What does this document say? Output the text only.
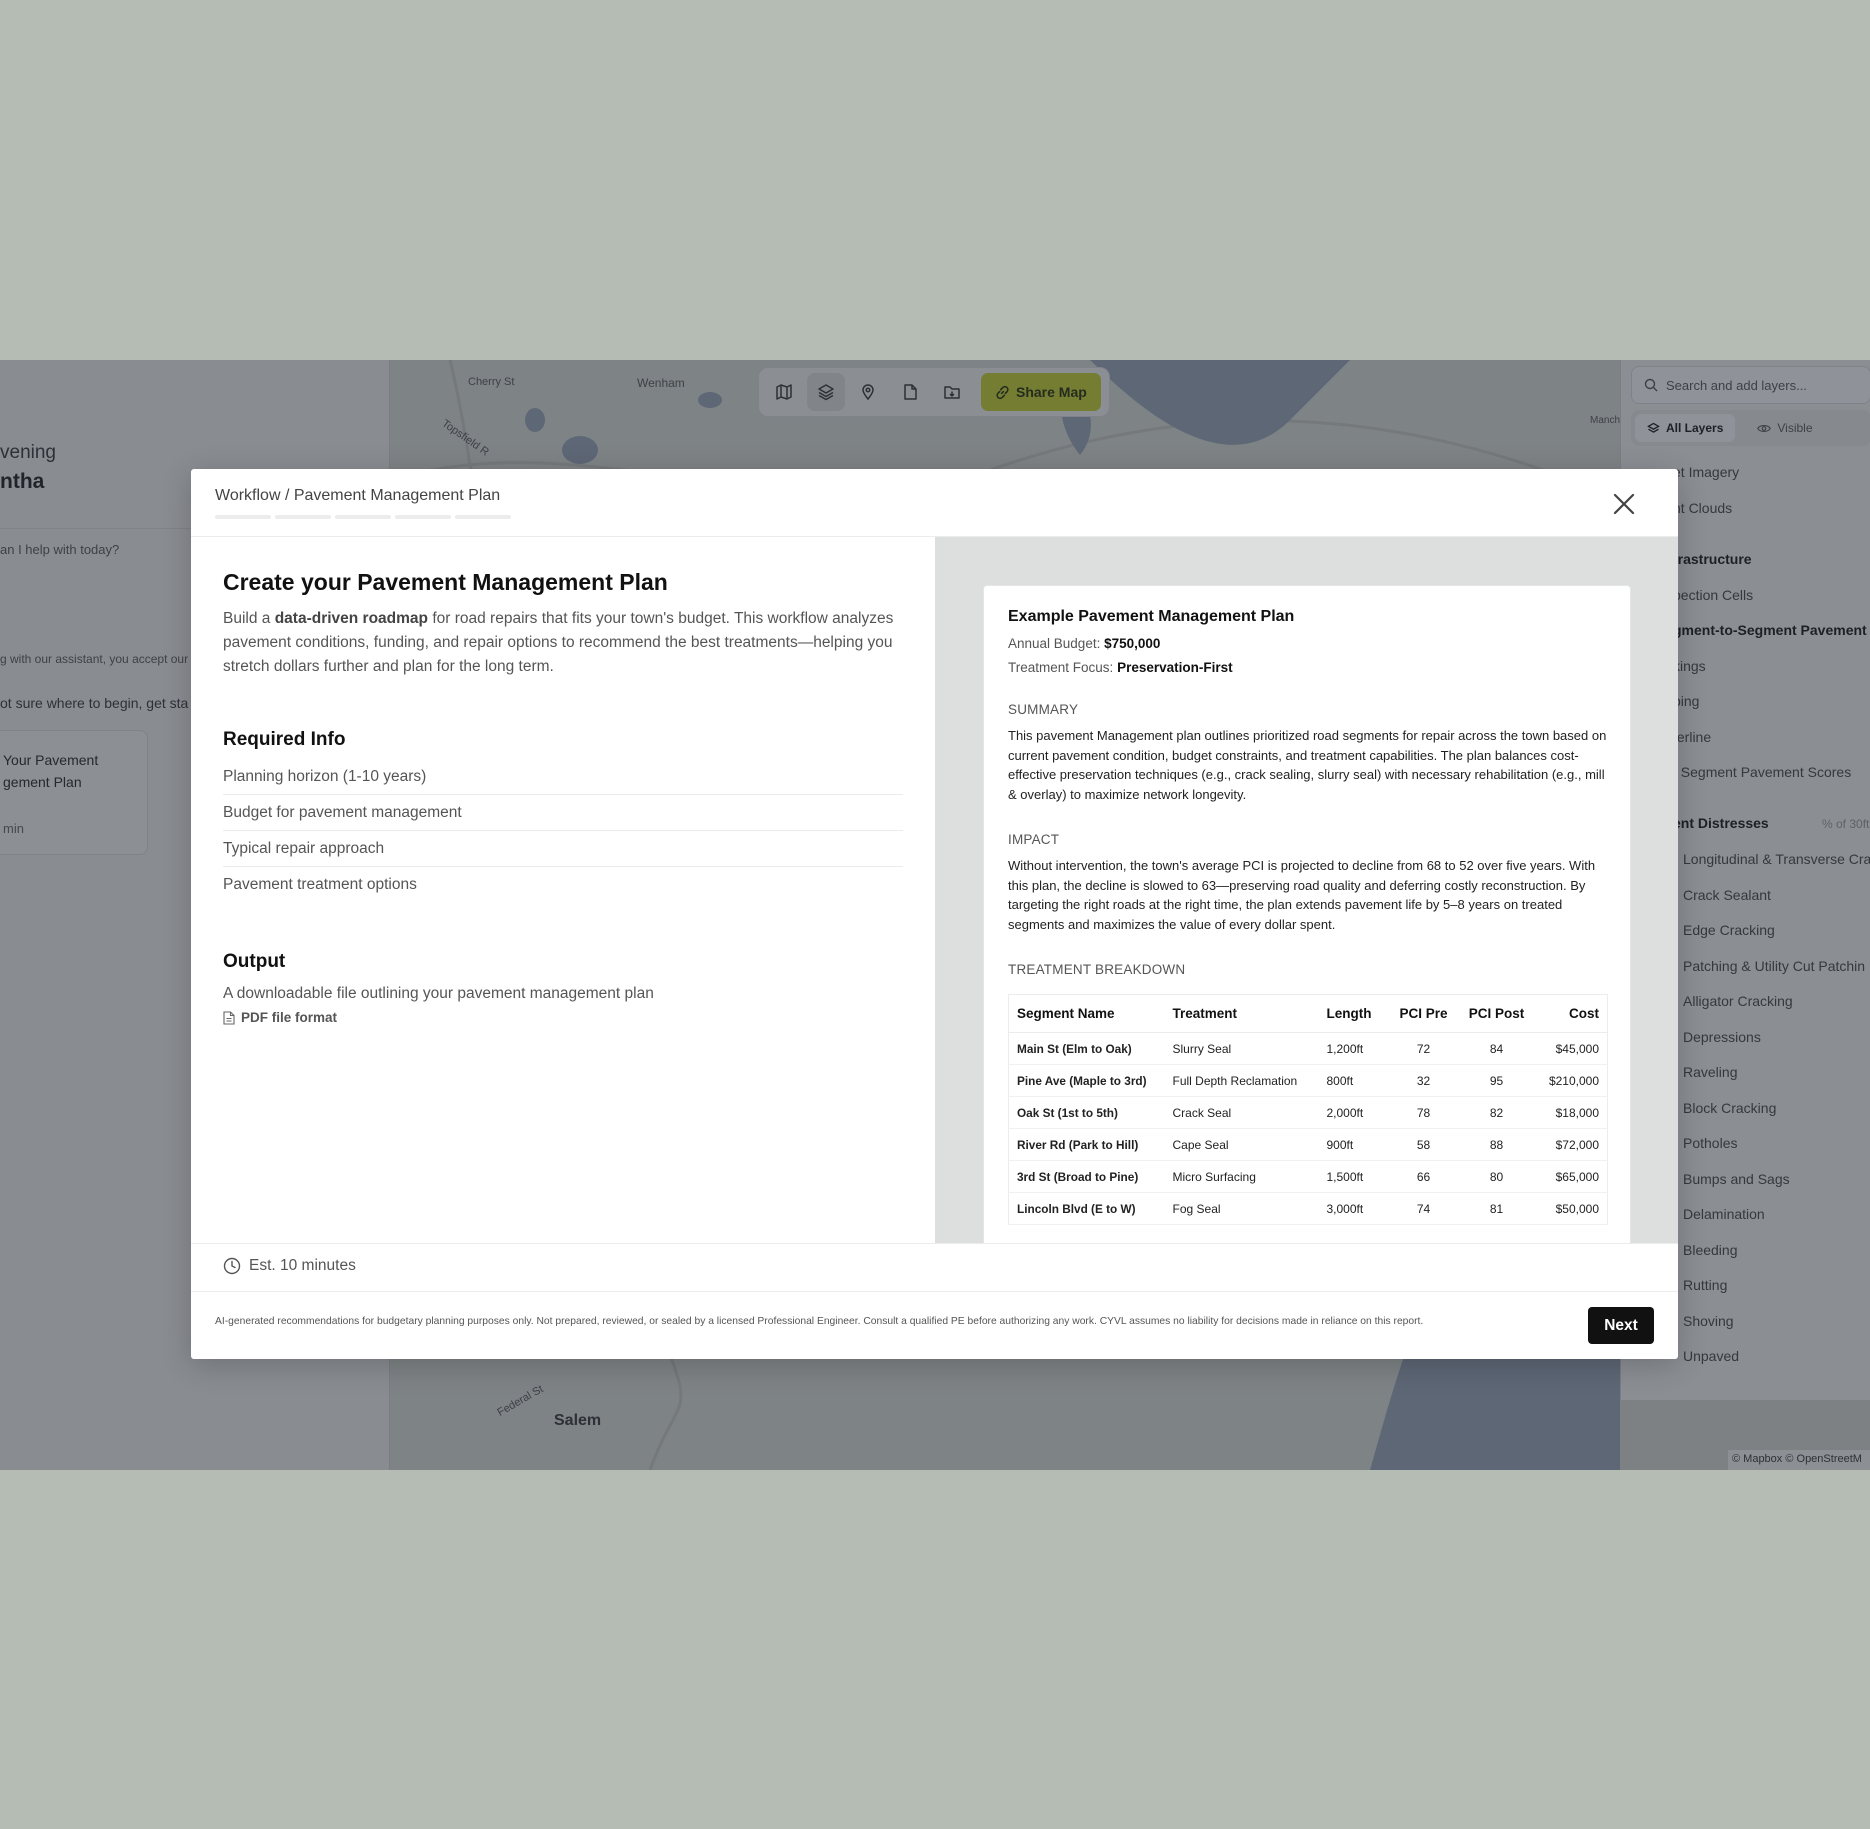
Workflow / Pavement Management Plan
Create your Pavement Management Plan
Build a data-driven roadmap for road repairs that fits your town's budget. This workflow analyzes pavement conditions, funding, and repair options to recommend the best treatments—helping you stretch dollars further and plan for the long term.
Required Info
Planning horizon (1-10 years)
Budget for pavement management
Typical repair approach
Pavement treatment options
Output
A downloadable file outlining your pavement management plan
PDF file format
Example Pavement Management Plan
Annual Budget: $750,000
Treatment Focus: Preservation-First
SUMMARY
This pavement Management plan outlines prioritized road segments for repair across the town based on current pavement condition, budget constraints, and treatment capabilities. The plan balances cost-effective preservation techniques (e.g., crack sealing, slurry seal) with necessary rehabilitation (e.g., mill & overlay) to maximize network longevity.
IMPACT
Without intervention, the town's average PCI is projected to decline from 68 to 52 over five years. With this plan, the decline is slowed to 63—preserving road quality and deferring costly reconstruction. By targeting the right roads at the right time, the plan extends pavement life by 5–8 years on treated segments and maximizes the value of every dollar spent.
TREATMENT BREAKDOWN
Segment Name	Treatment	Length	PCI Pre	PCI Post	Cost
Main St (Elm to Oak)	Slurry Seal	1,200ft	72	84	$45,000
Pine Ave (Maple to 3rd)	Full Depth Reclamation	800ft	32	95	$210,000
Oak St (1st to 5th)	Crack Seal	2,000ft	78	82	$18,000
River Rd (Park to Hill)	Cape Seal	900ft	58	88	$72,000
3rd St (Broad to Pine)	Micro Surfacing	1,500ft	66	80	$65,000
Lincoln Blvd (E to W)	Fog Seal	3,000ft	74	81	$50,000
Est. 10 minutes
AI-generated recommendations for budgetary planning purposes only. Not prepared, reviewed, or sealed by a licensed Professional Engineer. Consult a qualified PE before authorizing any work. CYVL assumes no liability for decisions made in reliance on this report.	Next
